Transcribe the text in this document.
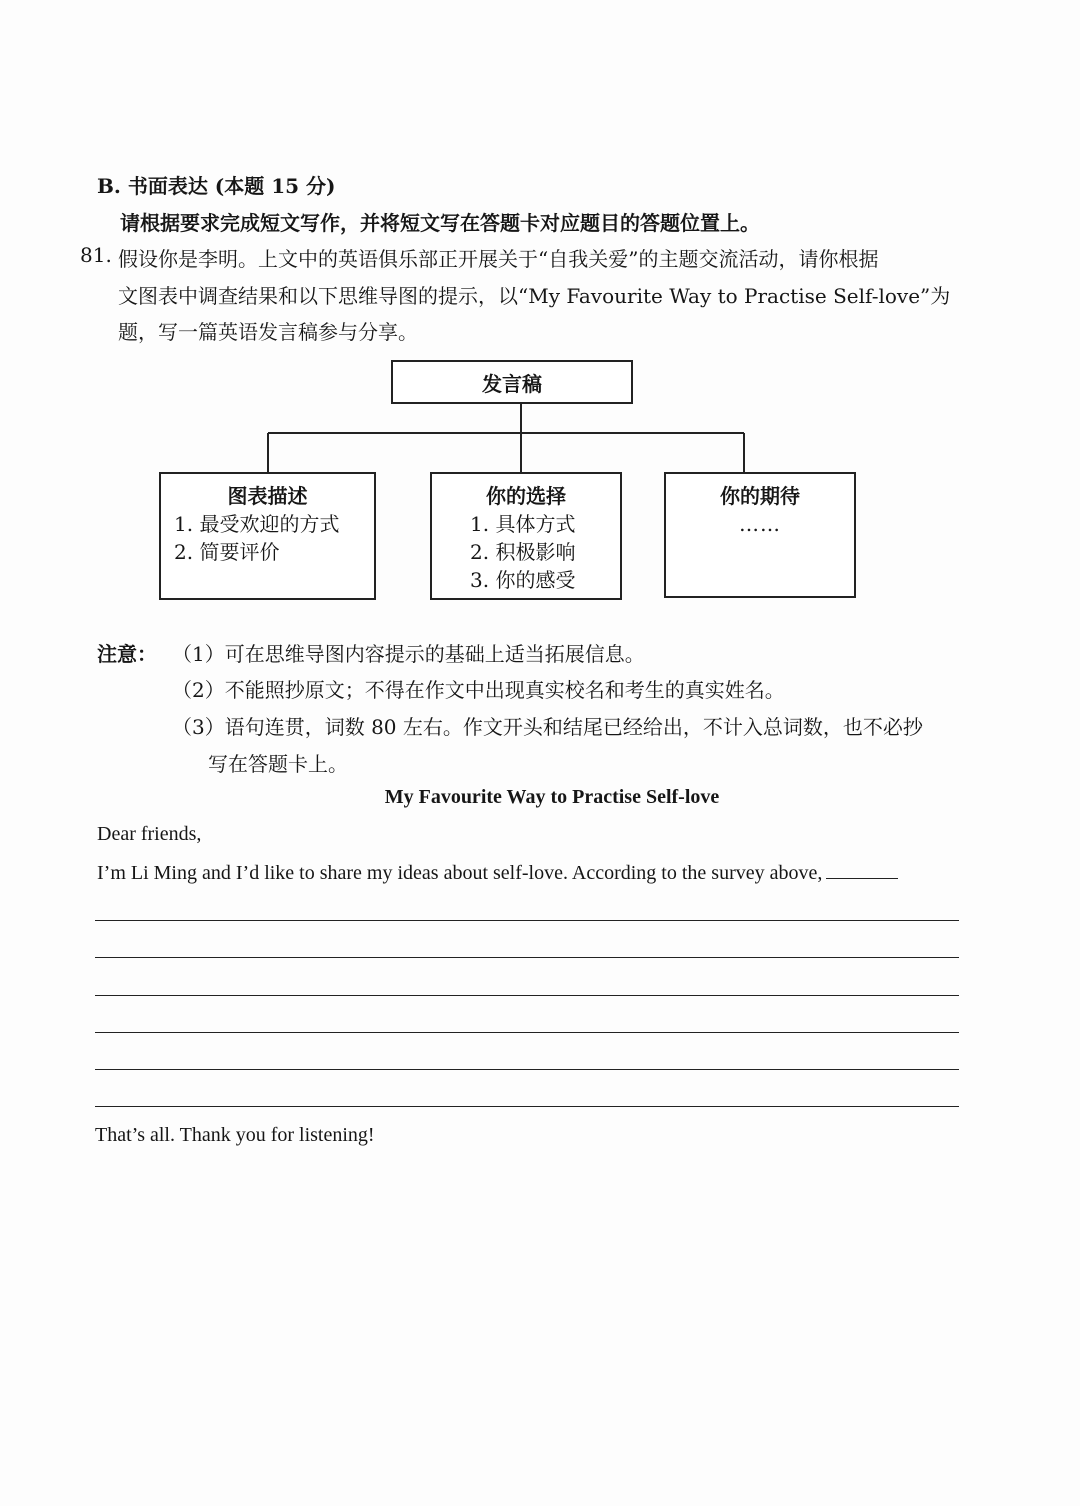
B. 书面表达 (本题 15 分)
请根据要求完成短文写作，并将短文写在答题卡对应题目的答题位置上。
81. 假设你是李明。上文中的英语俱乐部正开展关于“自我关爱”的主题交流活动，请你根据
文图表中调查结果和以下思维导图的提示，以“My Favourite Way to Practise Self-love”为
题，写一篇英语发言稿参与分享。
发言稿
图表描述
1. 最受欢迎的方式
2. 简要评价
你的选择
1. 具体方式
2. 积极影响
3. 你的感受
你的期待
……
注意： （1）可在思维导图内容提示的基础上适当拓展信息。
（2）不能照抄原文；不得在作文中出现真实校名和考生的真实姓名。
（3）语句连贯，词数 80 左右。作文开头和结尾已经给出，不计入总词数，也不必抄
写在答题卡上。
My Favourite Way to Practise Self-love
Dear friends,
I’m Li Ming and I’d like to share my ideas about self-love. According to the survey above,
That’s all. Thank you for listening!
